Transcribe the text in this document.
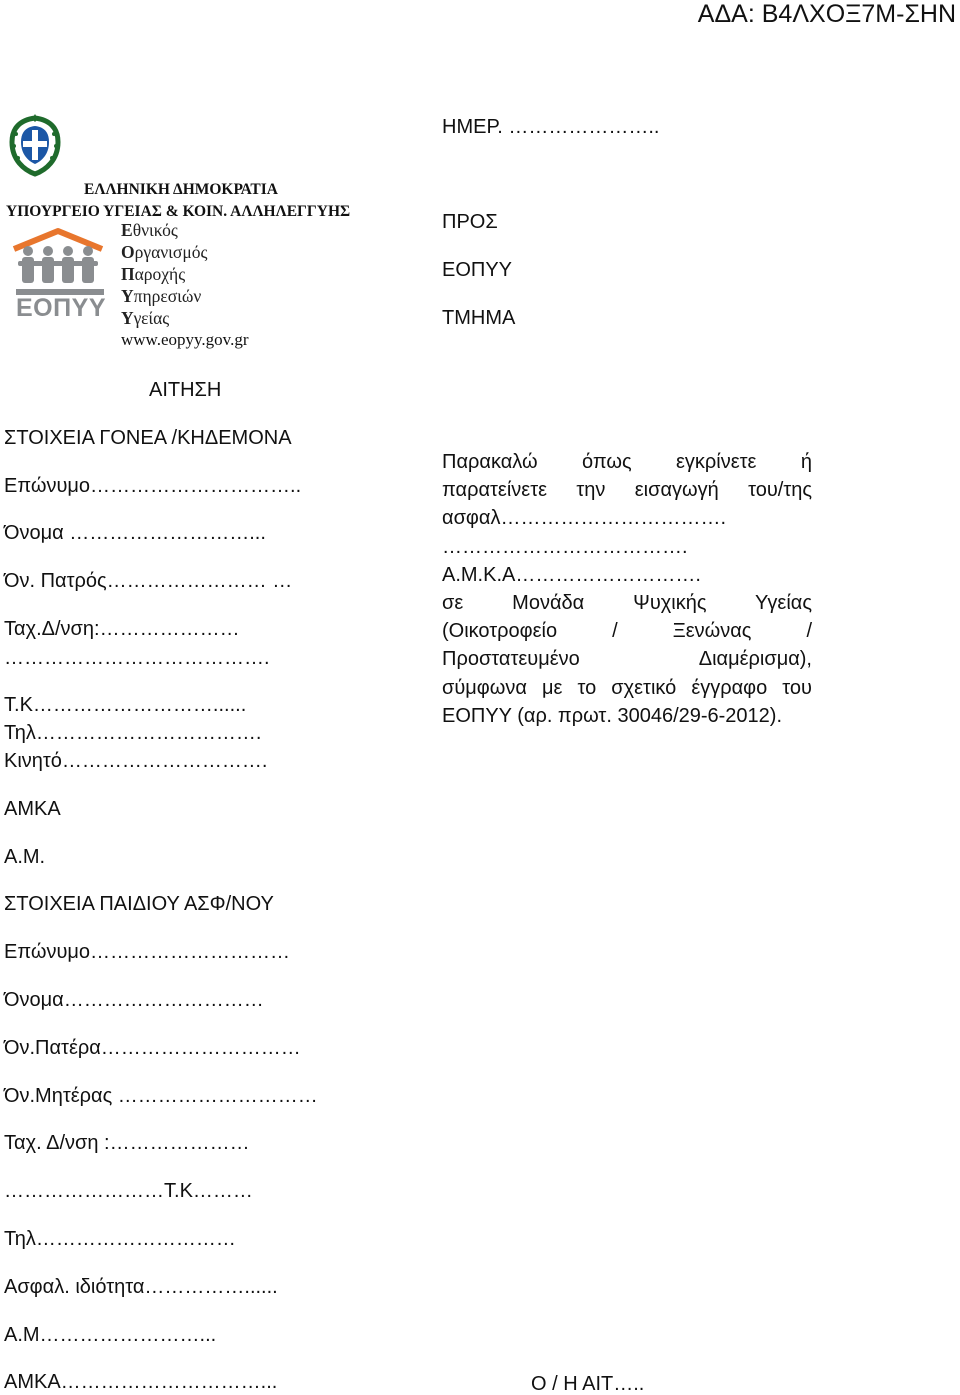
ΑΔΑ: Β4ΛΧΟΞ7Μ-ΣΗΝ
ΕΛΛΗΝΙΚΗ ΔΗΜΟΚΡΑΤΙΑ
ΥΠΟΥΡΓΕΙΟ ΥΓΕΙΑΣ & ΚΟΙΝ. ΑΛΛΗΛΕΓΓΥΗΣ
ΕΟΠΥΥ
Εθνικός
Οργανισμός
Παροχής
Υπηρεσιών
Υγείας
www.eopyy.gov.gr
ΗΜΕΡ. …………………..
ΠΡΟΣ
ΕΟΠΥΥ
ΤΜΗΜΑ
ΑΙΤΗΣΗ
ΣΤΟΙΧΕΙΑ ΓΟΝΕΑ /ΚΗΔΕΜΟΝΑ
Επώνυμο…………………………..
Όνομα ………………………...
Όν. Πατρός…………………… …
Ταχ.Δ/νση:…………………
………………………………….
Τ.Κ………………………......
Τηλ…………………………….
Κινητό………………………….
ΑΜΚΑ
Α.Μ.

Παρακαλώ όπως εγκρίνετε ή

παρατείνετε την εισαγωγή του/της

ασφαλ…………………………….

……………………………….

Α.Μ.Κ.Α……………………….

σε Μονάδα Ψυχικής Υγείας

(Οικοτροφείο / Ξενώνας /

Προστατευμένο Διαμέρισμα),

σύμφωνα με το σχετικό έγγραφο του

ΕΟΠΥΥ (αρ. πρωτ. 30046/29-6-2012).

ΣΤΟΙΧΕΙΑ ΠΑΙΔΙΟΥ ΑΣΦ/ΝΟΥ
Επώνυμο…………………………
Όνομα…………………………
Όν.Πατέρα…………………………
Όν.Μητέρας …………………………
Ταχ. Δ/νση :…………………
……………………Τ.Κ………
Τηλ…………………………
Ασφαλ. ιδιότητα……………......
Α.Μ……………………...
ΑΜΚΑ…………………………...	Ο / Η ΑΙΤ…..
